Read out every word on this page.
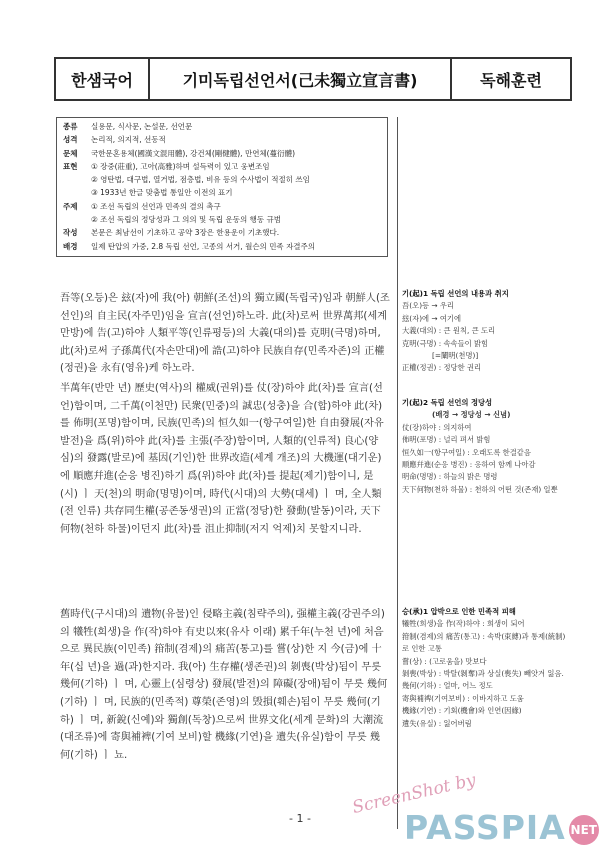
한샘국어	기미독립선언서(己未獨立宣言書)	독해훈련
종류	실용문, 식사문, 논설문, 선언문
성격	논리적, 의지적, 선동적
문체	국한문혼용체(國漢文混用體), 강건체(剛健體), 만연체(蔓衍體)
표현	① 장중(莊重), 고아(高雅)하며 설득력이 있고 웅변조임
② 영탄법, 대구법, 열거법, 점층법, 비유 등의 수사법이 적절히 쓰임
③ 1933년 한글 맞춤법 통일안 이전의 표기
주제	① 조선 독립의 선언과 민족의 결의 촉구
② 조선 독립의 정당성과 그 의의 및 독립 운동의 행동 규범
작성	본문은 최남선이 기초하고 공약 3장은 한용운이 기초했다.
배경	일제 탄압의 가중, 2.8 독립 선언, 고종의 서거, 월슨의 민족 자결주의

吾等(오등)은 玆(자)에 我(아) 朝鮮(조선)의 獨立國(독립국)임과 朝鮮人(조선인)의 自主民(자주민)임을 宣言(선언)하노라. 此(차)로써 世界萬邦(세계만방)에 告(고)하야 人類平等(인류평등)의 大義(대의)를 克明(극명)하며, 此(차)로써 子孫萬代(자손만대)에 誥(고)하야 民族自存(민족자존)의 正權(정권)을 永有(영유)케 하노라.

半萬年(반만 년) 歷史(역사)의 權威(권위)를 仗(장)하야 此(차)를 宣言(선언)함이며, 二千萬(이천만) 民衆(민중)의 誠忠(성충)을 合(합)하야 此(차)를 佈明(포명)함이며, 民族(민족)의 恒久如一(항구여일)한 自由發展(자유 발전)을 爲(위)하야 此(차)를 主張(주장)함이며, 人類的(인류적) 良心(양심)의 發露(발로)에 基因(기인)한 世界改造(세계 개조)의 大機運(대기운)에 順應幷進(순응 병진)하기 爲(위)하야 此(차)를 提起(제기)함이니, 是(시) ㅣ 天(천)의 明命(명명)이며, 時代(시대)의 大勢(대세) ㅣ 며, 全人類(전 인류) 共存同生權(공존동생권)의 正當(정당)한 發動(발동)이라, 天下何物(천하 하물)이던지 此(차)를 沮止抑制(저지 억제)치 못할지니라.

舊時代(구시대)의 遺物(유물)인 侵略主義(침략주의), 强權主義(강권주의)의 犧牲(희생)을 作(작)하야 有史以來(유사 이래) 累千年(누천 년)에 처음으로 異民族(이민족) 箝制(겸제)의 痛苦(통고)를 嘗(상)한 지 今(금)에 十年(십 년)을 過(과)한지라. 我(아) 生存權(생존권)의 剝喪(박상)됨이 무릇 幾何(기하) ㅣ 며, 心靈上(심령상) 發展(발전)의 障礙(장애)됨이 무릇 幾何(기하) ㅣ 며, 民族的(민족적) 尊榮(존영)의 毁損(훼손)됨이 무릇 幾何(기하) ㅣ 며, 新銳(신예)와 獨創(독창)으로써 世界文化(세계 문화)의 大潮流(대조류)에 寄與補裨(기여 보비)할 機緣(기연)을 遺失(유실)함이 무릇 幾何(기하) ㅣ 뇨.

기(起)1 독립 선언의 내용과 취지
吾(오)등 → 우리
玆(자)에 → 여기에
大義(대의) : 큰 원칙, 큰 도리
克明(극명) : 속속들이 밝힘
[=闡明(천명)]
正權(정권) : 정당한 권리
기(起)2 독립 선언의 정당성
(배경 → 정당성 → 신념)
仗(장)하야 : 의지하여
佈明(포명) : 널리 펴서 밝힘
恒久如一(항구여일) : 오래도록 한결같음
順應幷進(순응 병진) : 응하여 함께 나아감
明命(명명) : 하늘의 밝은 명령
天下何物(천하 하물) : 천하의 어떤 것(존재) 일뿐
승(承)1 압박으로 인한 민족적 피해
犧牲(희생)을 作(작)하야 : 희생이 되어
箝制(겸제)의 痛苦(통고) : 속박(束縛)과 통제(統制)로 인한 고통
嘗(상) : (고로움을) 맛보다
剝喪(박상) : 박탈(剝奪)과 상실(喪失) 빼앗겨 잃음.
幾何(기하) : 얼마, 어느 정도
寄與補裨(기여보비) : 이바지하고 도움
機緣(기연) : 기회(機會)와 인연(因緣)
遺失(유실) : 잃어버림
- 1 -
ScreenShot by
PASSPIA NET
